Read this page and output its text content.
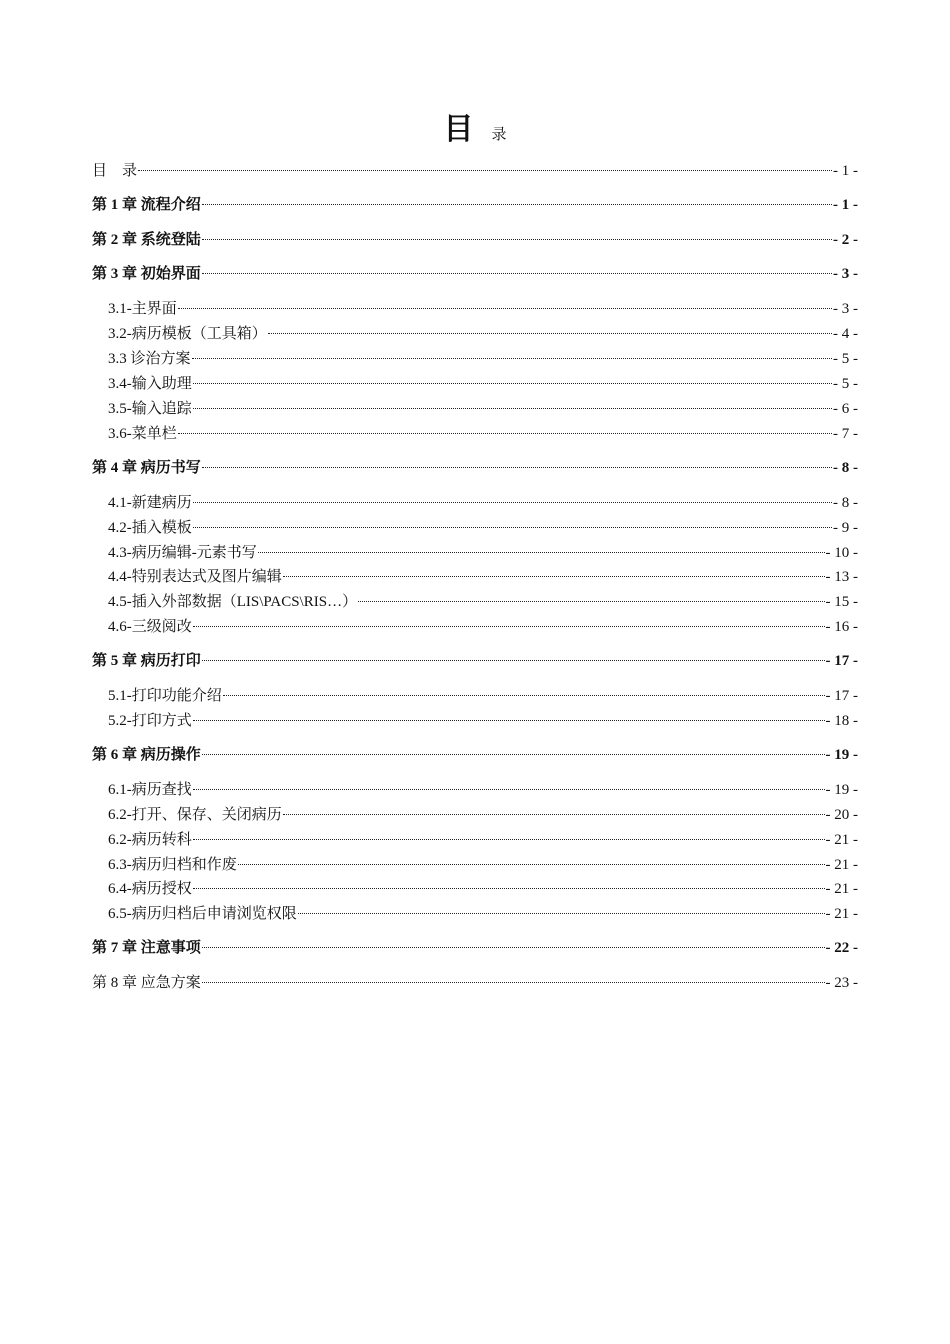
目 录
目　录	- 1 -
第 1 章 流程介绍	- 1 -
第 2 章 系统登陆	- 2 -
第 3 章 初始界面	- 3 -
3.1-主界面	- 3 -
3.2-病历模板（工具箱）	- 4 -
3.3 诊治方案	- 5 -
3.4-输入助理	- 5 -
3.5-输入追踪	- 6 -
3.6-菜单栏	- 7 -
第 4 章 病历书写	- 8 -
4.1-新建病历	- 8 -
4.2-插入模板	- 9 -
4.3-病历编辑-元素书写	- 10 -
4.4-特别表达式及图片编辑	- 13 -
4.5-插入外部数据（LIS\PACS\RIS…）	- 15 -
4.6-三级阅改	- 16 -
第 5 章 病历打印	- 17 -
5.1-打印功能介绍	- 17 -
5.2-打印方式	- 18 -
第 6 章 病历操作	- 19 -
6.1-病历查找	- 19 -
6.2-打开、保存、关闭病历	- 20 -
6.2-病历转科	- 21 -
6.3-病历归档和作废	- 21 -
6.4-病历授权	- 21 -
6.5-病历归档后申请浏览权限	- 21 -
第 7 章 注意事项	- 22 -
第 8 章 应急方案	- 23 -
